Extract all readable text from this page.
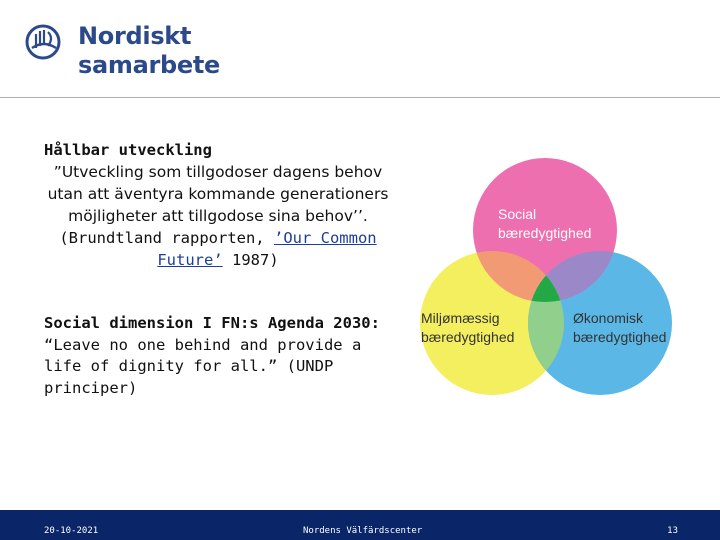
Nordiskt
samarbete
Hållbar utveckling
”Utveckling som tillgodoser dagens behov utan att äventyra kommande generationers möjligheter att tillgodose sina behov’’.
(Brundtland rapporten, ’Our Common Future’ 1987)
Social dimension I FN:s Agenda 2030:
“Leave no one behind and provide a life of dignity for all.” (UNDP principer)
Social
bæredygtighed
Miljømæssig
bæredygtighed
Økonomisk
bæredygtighed
20-10-2021	Nordens Välfärdscenter	13
